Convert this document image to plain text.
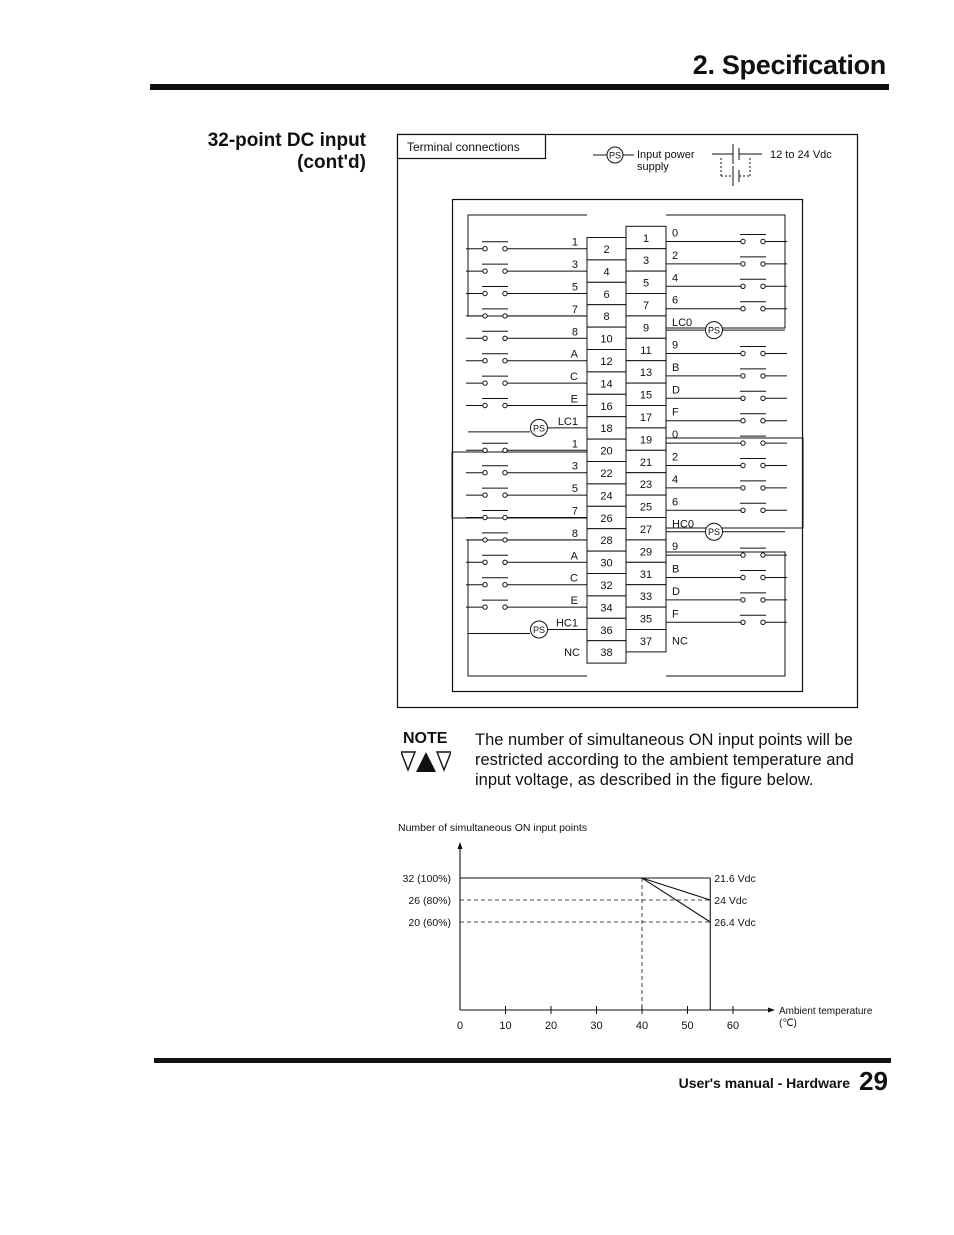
2. Specification
32-point DC input
(cont'd)
Terminal connections
PS Input power
supply
12 to 24 Vdc
2
4
6
8
10
12
14
16
18
20
22
24
26
28
30
32
34
36
38
1
3
5
7
9
11
13
15
17
19
21
23
25
27
29
31
33
35
37
1
3
5
7
8
A
C
E
LC1
PS
1
3
5
7
8
A
C
E
HC1
PS
NC
0
2
4
6
LC0
PS
9
B
D
F
0
2
4
6
HC0
PS
9
B
D
F
NC
NOTE The number of simultaneous ON input points will be
restricted according to the ambient temperature and
input voltage, as described in the figure below.
Number of simultaneous ON input points
Ambient temperature
(℃)
0	10	20	30	40	50	60
32 (100%)
26 (80%)
20 (60%)
21.6 Vdc
24 Vdc
26.4 Vdc
User's manual - Hardware 29
